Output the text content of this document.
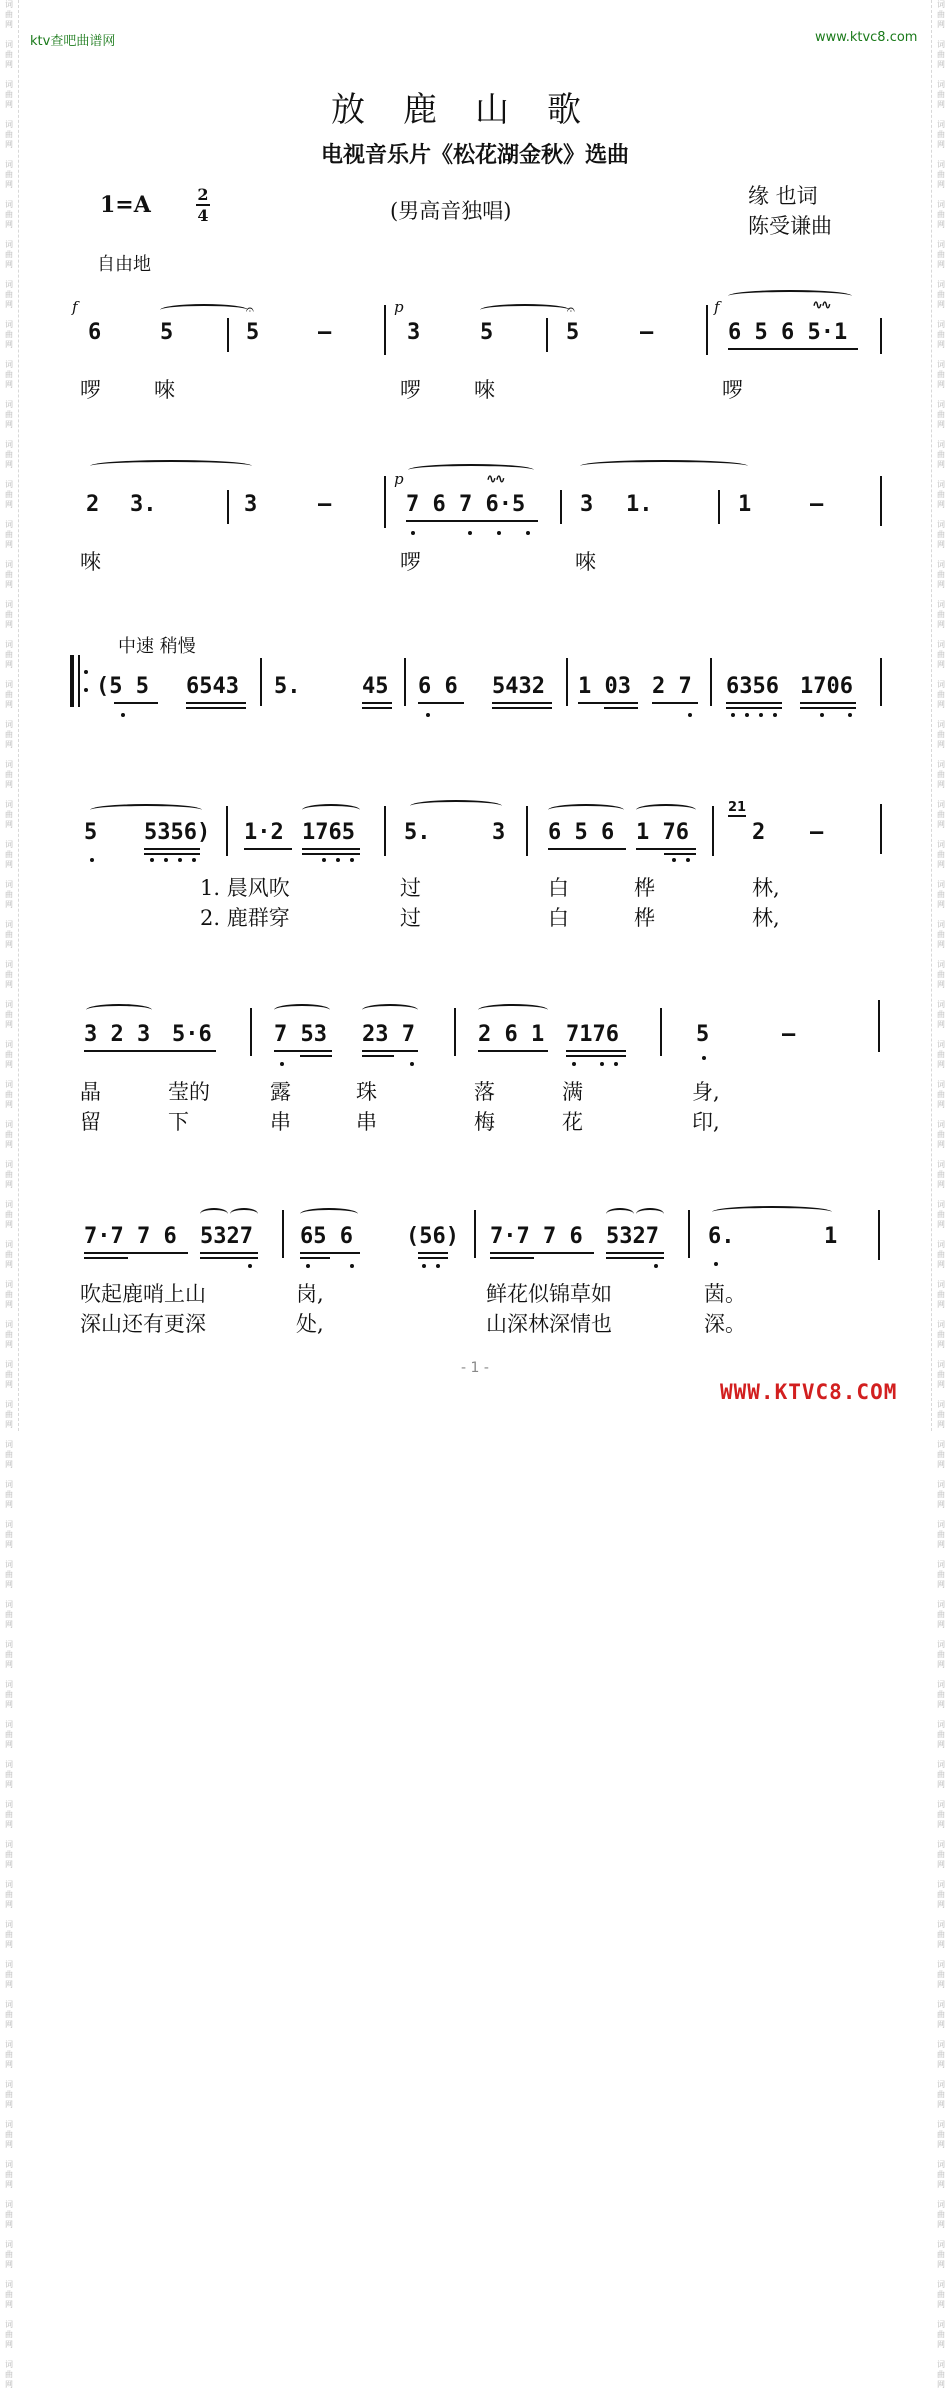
词
曲
网

词
曲
网

词
曲
网

词
曲
网

词
曲
网

词
曲
网

词
曲
网

词
曲
网

词
曲
网

词
曲
网

词
曲
网

词
曲
网

词
曲
网

词
曲
网

词
曲
网

词
曲
网

词
曲
网

词
曲
网

词
曲
网

词
曲
网

词
曲
网

词
曲
网

词
曲
网

词
曲
网

词
曲
网

词
曲
网

词
曲
网

词
曲
网

词
曲
网

词
曲
网

词
曲
网

词
曲
网

词
曲
网

词
曲
网

词
曲
网

词
曲
网

词
曲
网

词
曲
网

词
曲
网

词
曲
网

词
曲
网

词
曲
网

词
曲
网

词
曲
网

词
曲
网

词
曲
网

词
曲
网

词
曲
网

词
曲
网

词
曲
网

词
曲
网

词
曲
网

词
曲
网

词
曲
网

词
曲
网

词
曲
网

词
曲
网

词
曲
网

词
曲
网

词
曲
网

词
曲
网

词
曲
网

词
曲
网

词
曲
网

词
曲
网

词
曲
网

词
曲
网

词
曲
网

词
曲
网

词
曲
网

词
曲
网

词
曲
网

词
曲
网

词
曲
网

词
曲
网

词
曲
网

词
曲
网

词
曲
网

词
曲
网

词
曲
网

词
曲
网

词
曲
网

词
曲
网

词
曲
网

词
曲
网

词
曲
网

词
曲
网

词
曲
网

词
曲
网

词
曲
网

词
曲
网

词
曲
网

词
曲
网

词
曲
网

词
曲
网

词
曲
网

词
曲
网

词
曲
网

词
曲
网

词
曲
网

词
曲
网

词
曲
网

词
曲
网

词
曲
网

词
曲
网

词
曲
网

词
曲
网

词
曲
网

词
曲
网

词
曲
网

词
曲
网

词
曲
网

词
曲
网

词
曲
网

词
曲
网

词
曲
网

词
曲
网

词
曲
网

词
曲
网

词
曲
网

ktv查吧曲谱网	www.ktvc8.com
放鹿山歌
电视音乐片《松花湖金秋》选曲
1=A	2
4	(男高音独唱)
缘 也词
陈受谦曲
自由地
f
6	5
𝄐
5	–
p
3	5
𝄐
5	–
f	∿∿
6 5 6 5·1
啰	唻	啰	唻	啰
2 3.	3	–
p	∿∿
7 6 7 6·5 3 1.	1	–
唻	啰	唻
中速 稍慢
(5 5 6543 5.	45 6 6 5432 1 03 2 7 6356 1706
5 5356) 1·2 1765 5.	3 6 5 6 1 76
21
2 –
1. 晨风吹	过	白	桦	林,
2. 鹿群穿	过	白	桦	林,
3 2 3 5·6	7 53 23 7	2 6 1 7176	5	–
晶	莹的	露	珠	落	满	身,
留	下	串	串	梅	花	印,
7·7 7 6 5327 65 6 (56) 7·7 7 6 5327 6.	1
吹起鹿哨上山	岗,	鲜花似锦草如	茵。
深山还有更深	处,	山深林深情也	深。
- 1 -
WWW.KTVC8.COM
